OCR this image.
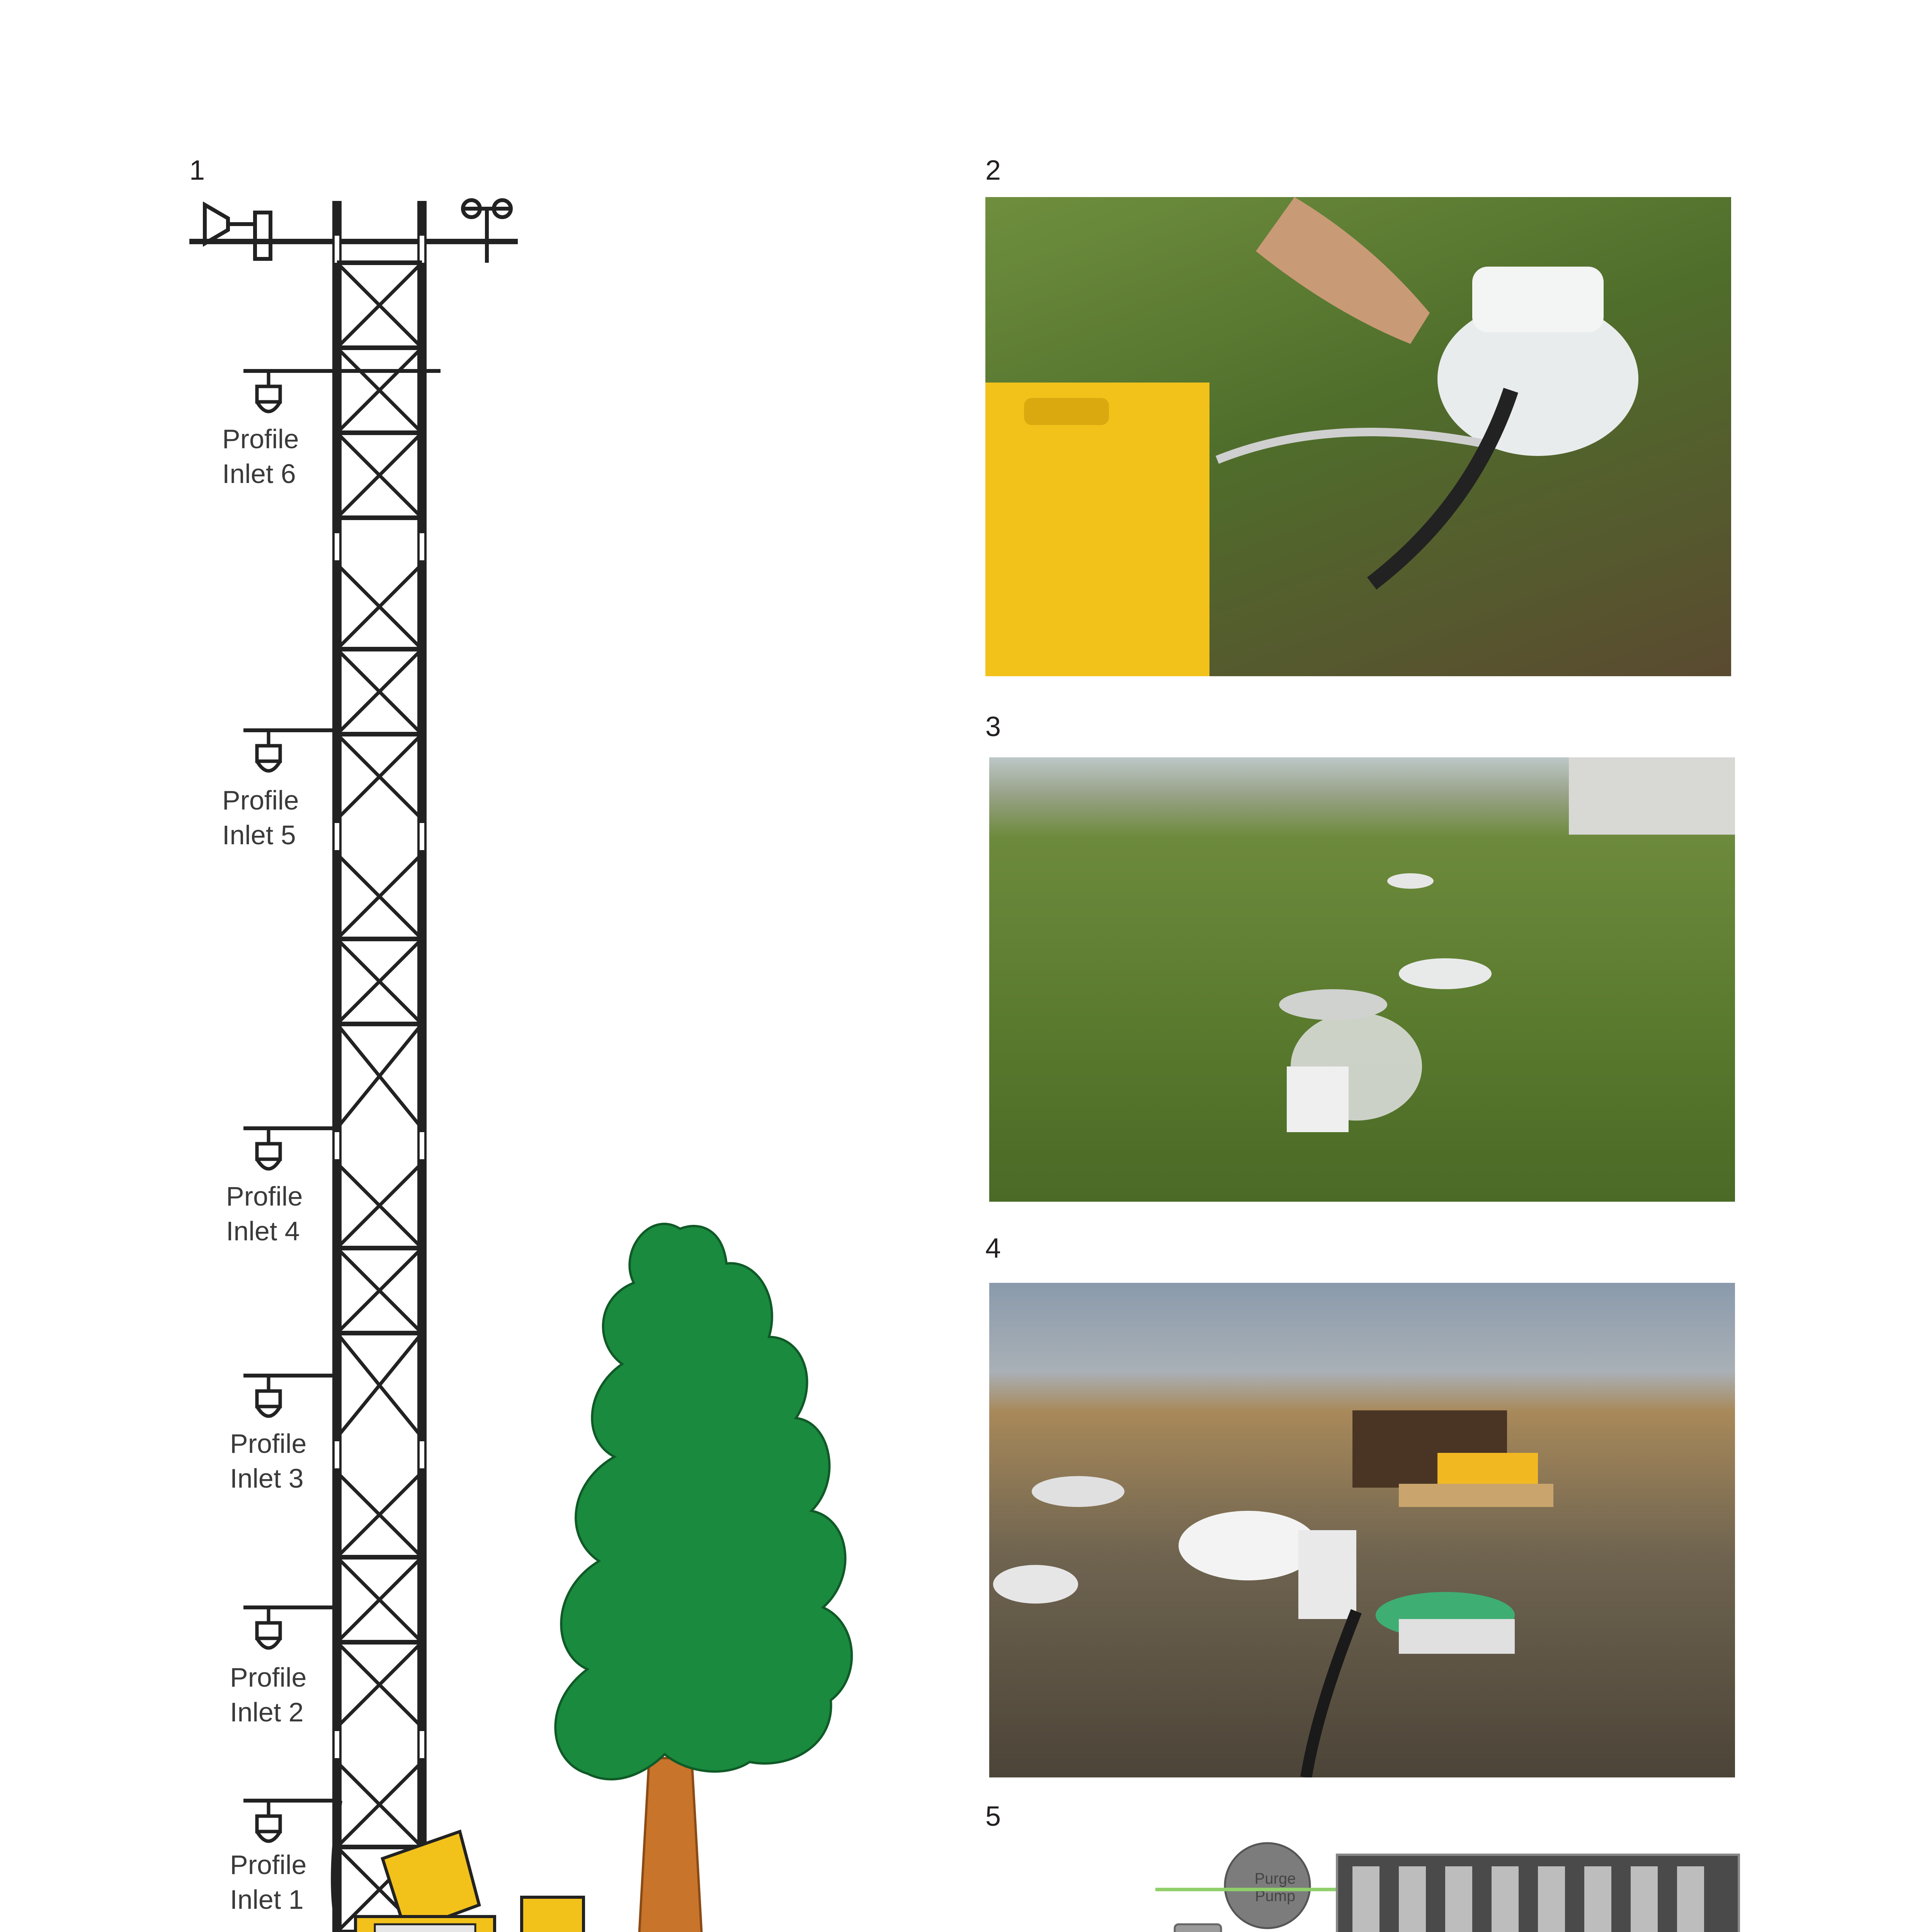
1	2
3
4
5
Profile
Inlet 6
Profile
Inlet 5
Profile
Inlet 4
Profile
Inlet 3
Profile
Inlet 2
Profile
Inlet 1
Purge
Pump
